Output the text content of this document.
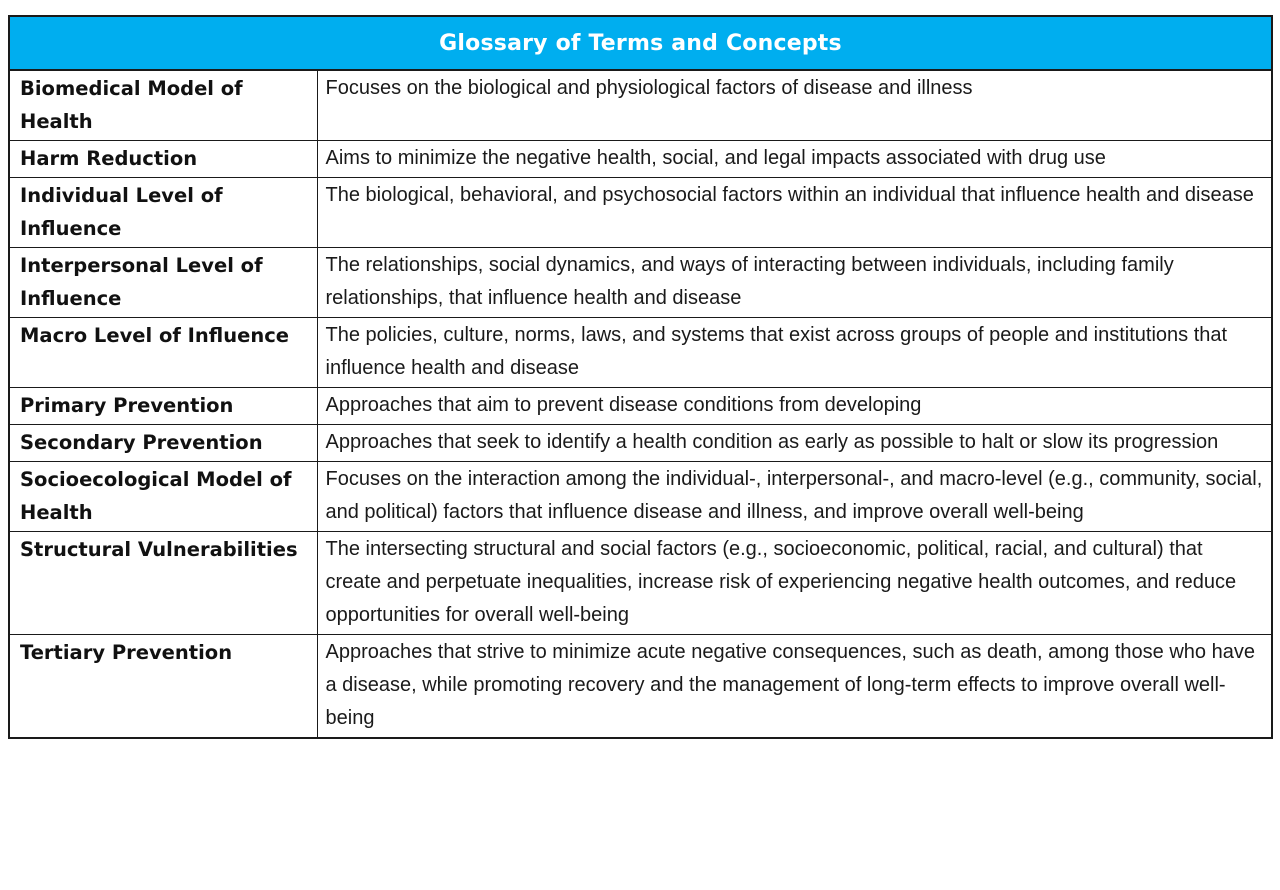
Glossary of Terms and Concepts	
Biomedical Model of Health	Focuses on the biological and physiological factors of disease and illness
Harm Reduction	Aims to minimize the negative health, social, and legal impacts associated with drug use
Individual Level of Influence	The biological, behavioral, and psychosocial factors within an individual that influence health and disease
Interpersonal Level of Influence	The relationships, social dynamics, and ways of interacting between individuals, including family relationships, that influence health and disease
Macro Level of Influence	The policies, culture, norms, laws, and systems that exist across groups of people and institutions that influence health and disease
Primary Prevention	Approaches that aim to prevent disease conditions from developing
Secondary Prevention	Approaches that seek to identify a health condition as early as possible to halt or slow its progression
Socioecological Model of Health	Focuses on the interaction among the individual-, interpersonal-, and macro-level (e.g., community, social, and political) factors that influence disease and illness, and improve overall well-being
Structural Vulnerabilities	The intersecting structural and social factors (e.g., socioeconomic, political, racial, and cultural) that create and perpetuate inequalities, increase risk of experiencing negative health outcomes, and reduce opportunities for overall well-being
Tertiary Prevention	Approaches that strive to minimize acute negative consequences, such as death, among those who have a disease, while promoting recovery and the management of long-term effects to improve overall well-being
